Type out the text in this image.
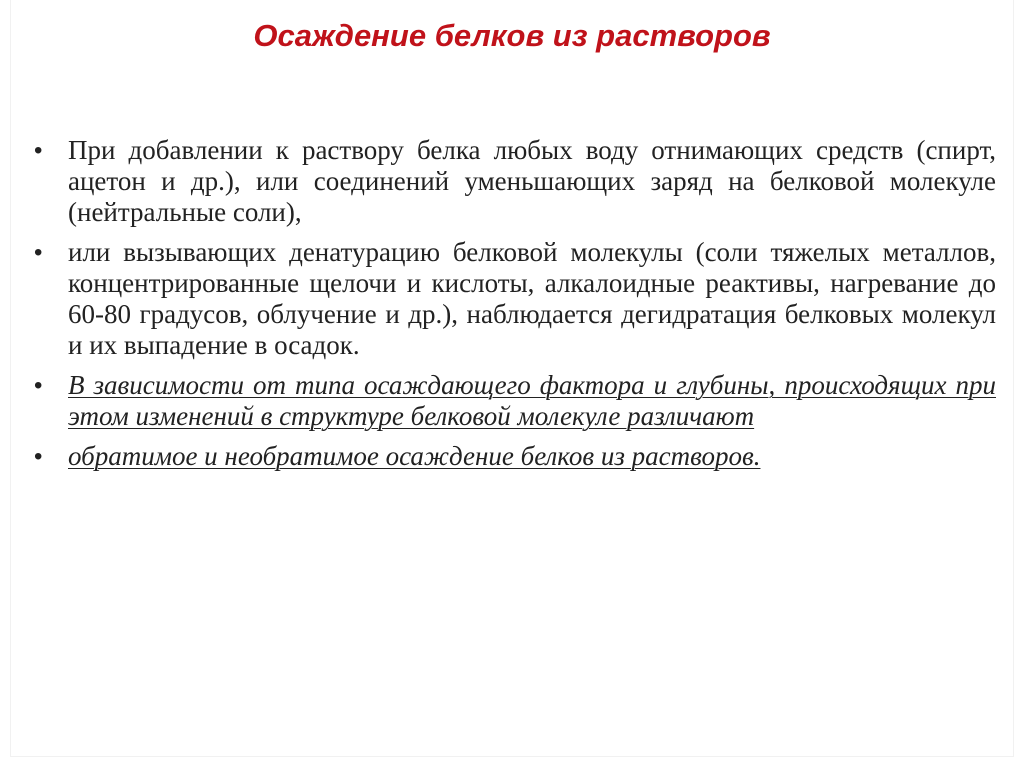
Осаждение белков из растворов
• При добавлении к раствору белка любых воду отнимающих средств (спирт, ацетон и др.), или соединений уменьшающих заряд на белковой молекуле (нейтральные соли),
• или вызывающих денатурацию белковой молекулы (соли тяжелых металлов, концентрированные щелочи и кислоты, алкалоидные реактивы, нагревание до 60-80 градусов, облучение и др.), наблюдается дегидратация белковых молекул и их выпадение в осадок.
• В зависимости от типа осаждающего фактора и глубины, происходящих при этом изменений в структуре белковой молекуле различают
• обратимое и необратимое осаждение белков из растворов.
